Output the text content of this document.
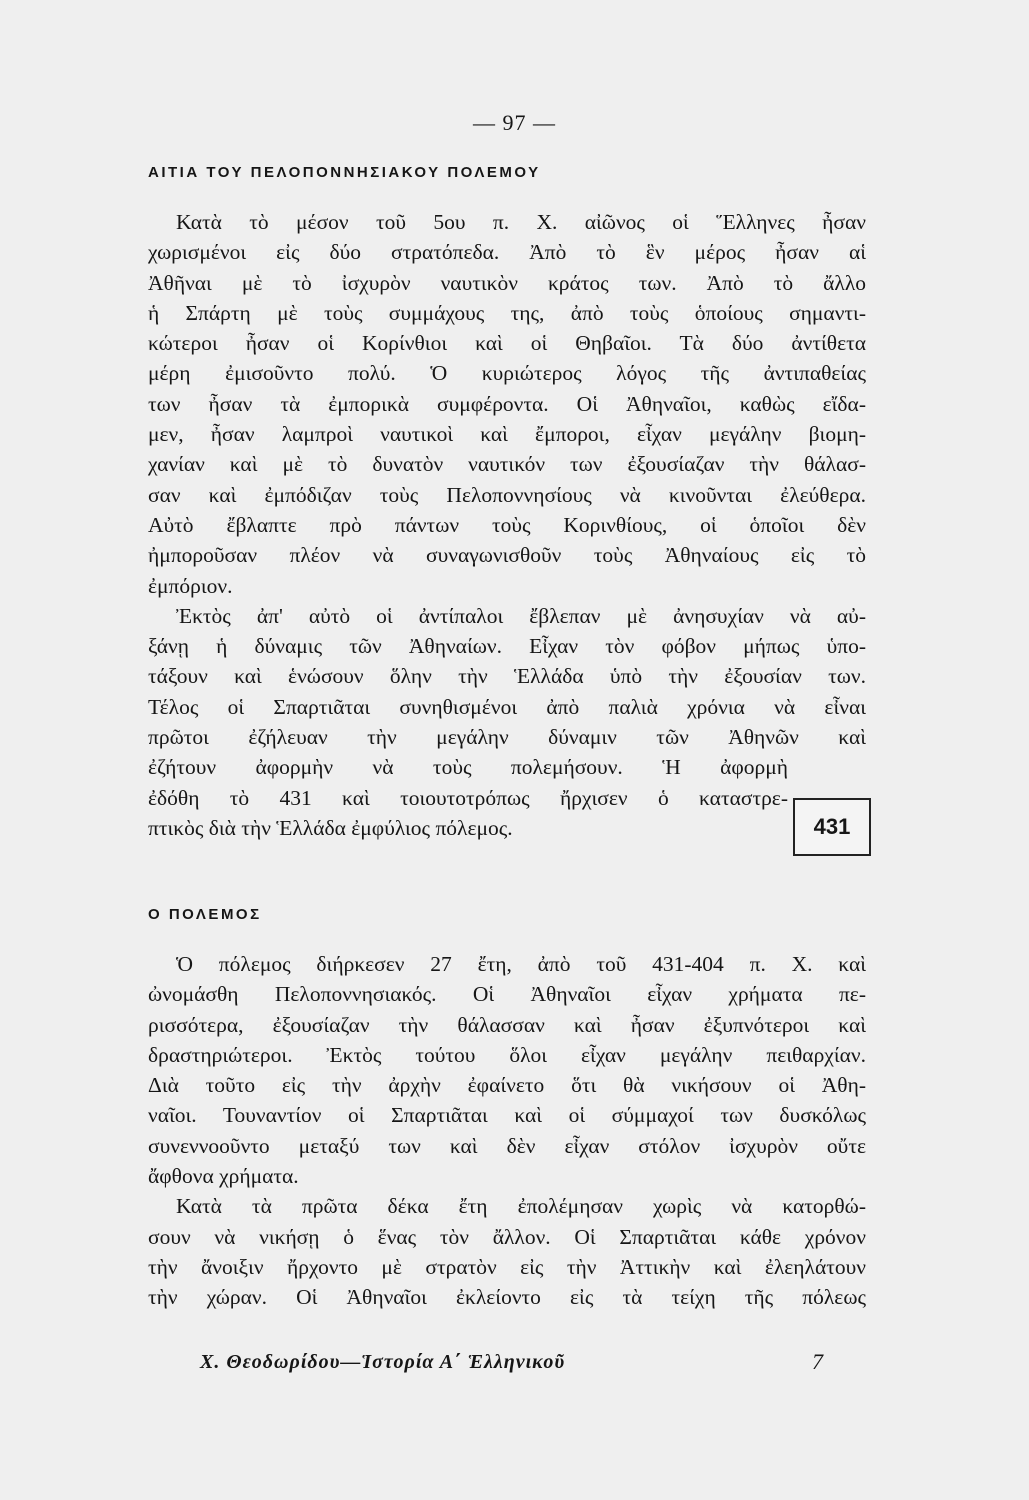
— 97 —
ΑΙΤΙΑ ΤΟΥ ΠΕΛΟΠΟΝΝΗΣΙΑΚΟΥ ΠΟΛΕΜΟΥ
Κατὰ τὸ μέσον τοῦ 5ου π. Χ. αἰῶνος οἱ Ἕλληνες ἦσαν
χωρισμένοι εἰς δύο στρατόπεδα. Ἀπὸ τὸ ἓν μέρος ἦσαν αἱ
Ἀθῆναι μὲ τὸ ἰσχυρὸν ναυτικὸν κράτος των. Ἀπὸ τὸ ἄλλο
ἡ Σπάρτη μὲ τοὺς συμμάχους της, ἀπὸ τοὺς ὁποίους σημαντι-
κώτεροι ἦσαν οἱ Κορίνθιοι καὶ οἱ Θηβαῖοι. Τὰ δύο ἀντίθετα
μέρη ἐμισοῦντο πολύ. Ὁ κυριώτερος λόγος τῆς ἀντιπαθείας
των ἦσαν τὰ ἐμπορικὰ συμφέροντα. Οἱ Ἀθηναῖοι, καθὼς εἴδα-
μεν, ἦσαν λαμπροὶ ναυτικοὶ καὶ ἔμποροι, εἶχαν μεγάλην βιομη-
χανίαν καὶ μὲ τὸ δυνατὸν ναυτικόν των ἐξουσίαζαν τὴν θάλασ-
σαν καὶ ἐμπόδιζαν τοὺς Πελοποννησίους νὰ κινοῦνται ἐλεύθερα.
Αὐτὸ ἔβλαπτε πρὸ πάντων τοὺς Κορινθίους, οἱ ὁποῖοι δὲν
ἠμποροῦσαν πλέον νὰ συναγωνισθοῦν τοὺς Ἀθηναίους εἰς τὸ
ἐμπόριον.
Ἐκτὸς ἀπ' αὐτὸ οἱ ἀντίπαλοι ἔβλεπαν μὲ ἀνησυχίαν νὰ αὐ-
ξάνῃ ἡ δύναμις τῶν Ἀθηναίων. Εἶχαν τὸν φόβον μήπως ὑπο-
τάξουν καὶ ἑνώσουν ὅλην τὴν Ἑλλάδα ὑπὸ τὴν ἐξουσίαν των.
Τέλος οἱ Σπαρτιᾶται συνηθισμένοι ἀπὸ παλιὰ χρόνια νὰ εἶναι
πρῶτοι ἐζήλευαν τὴν μεγάλην δύναμιν τῶν Ἀθηνῶν καὶ
ἐζήτουν ἀφορμὴν νὰ τοὺς πολεμήσουν. Ἡ ἀφορμὴ
ἐδόθη τὸ 431 καὶ τοιουτοτρόπως ἤρχισεν ὁ καταστρε-
πτικὸς διὰ τὴν Ἑλλάδα ἐμφύλιος πόλεμος.	431
Ο ΠΟΛΕΜΟΣ
Ὁ πόλεμος διήρκεσεν 27 ἔτη, ἀπὸ τοῦ 431-404 π. Χ. καὶ
ὠνομάσθη Πελοποννησιακός. Οἱ Ἀθηναῖοι εἶχαν χρήματα πε-
ρισσότερα, ἐξουσίαζαν τὴν θάλασσαν καὶ ἦσαν ἐξυπνότεροι καὶ
δραστηριώτεροι. Ἐκτὸς τούτου ὅλοι εἶχαν μεγάλην πειθαρχίαν.
Διὰ τοῦτο εἰς τὴν ἀρχὴν ἐφαίνετο ὅτι θὰ νικήσουν οἱ Ἀθη-
ναῖοι. Τουναντίον οἱ Σπαρτιᾶται καὶ οἱ σύμμαχοί των δυσκόλως
συνεννοοῦντο μεταξύ των καὶ δὲν εἶχαν στόλον ἰσχυρὸν οὔτε
ἄφθονα χρήματα.
Κατὰ τὰ πρῶτα δέκα ἔτη ἐπολέμησαν χωρὶς νὰ κατορθώ-
σουν νὰ νικήσῃ ὁ ἕνας τὸν ἄλλον. Οἱ Σπαρτιᾶται κάθε χρόνον
τὴν ἄνοιξιν ἤρχοντο μὲ στρατὸν εἰς τὴν Ἀττικὴν καὶ ἐλεηλάτουν
τὴν χώραν. Οἱ Ἀθηναῖοι ἐκλείοντο εἰς τὰ τείχη τῆς πόλεως
Χ. Θεοδωρίδου—Ἱστορία Α΄ Ἑλληνικοῦ	7
